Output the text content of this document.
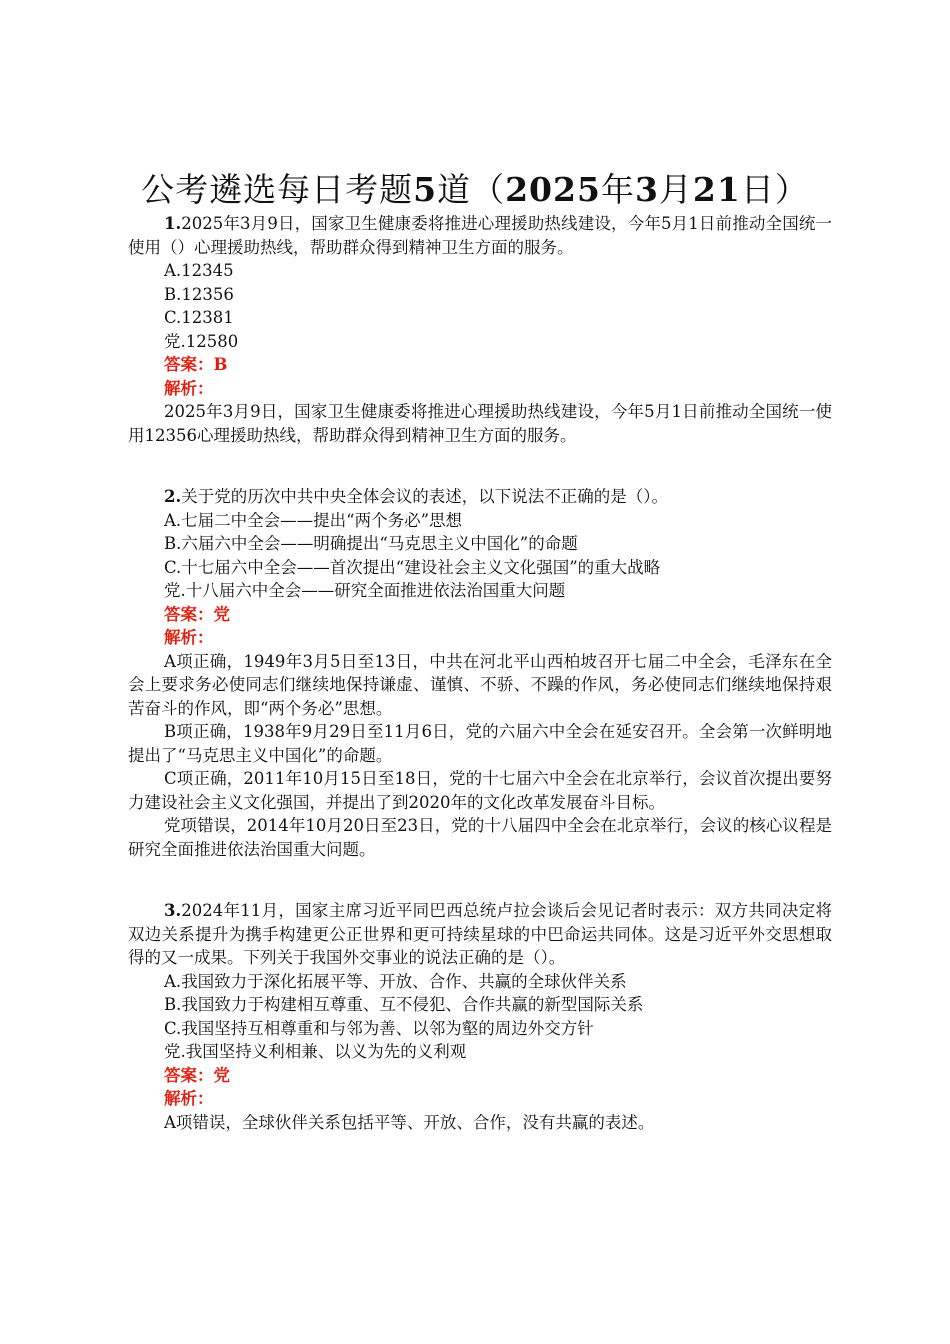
公考遴选每日考题5道（2025年3月21日）

1.2025年3月9日，国家卫生健康委将推进心理援助热线建设，今年5月1日前推动全国统一使用（）心理援助热线，帮助群众得到精神卫生方面的服务。

A.12345

B.12356

C.12381

党.12580

答案：B

解析：

2025年3月9日，国家卫生健康委将推进心理援助热线建设，今年5月1日前推动全国统一使用12356心理援助热线，帮助群众得到精神卫生方面的服务。

2.关于党的历次中共中央全体会议的表述，以下说法不正确的是（）。

A.七届二中全会——提出“两个务必”思想

B.六届六中全会——明确提出“马克思主义中国化”的命题

C.十七届六中全会——首次提出“建设社会主义文化强国”的重大战略

党.十八届六中全会——研究全面推进依法治国重大问题

答案：党

解析：

A项正确，1949年3月5日至13日，中共在河北平山西柏坡召开七届二中全会，毛泽东在全会上要求务必使同志们继续地保持谦虚、谨慎、不骄、不躁的作风，务必使同志们继续地保持艰苦奋斗的作风，即“两个务必”思想。

B项正确，1938年9月29日至11月6日，党的六届六中全会在延安召开。全会第一次鲜明地提出了“马克思主义中国化”的命题。

C项正确，2011年10月15日至18日，党的十七届六中全会在北京举行，会议首次提出要努力建设社会主义文化强国，并提出了到2020年的文化改革发展奋斗目标。

党项错误，2014年10月20日至23日，党的十八届四中全会在北京举行，会议的核心议程是研究全面推进依法治国重大问题。

3.2024年11月，国家主席习近平同巴西总统卢拉会谈后会见记者时表示：双方共同决定将双边关系提升为携手构建更公正世界和更可持续星球的中巴命运共同体。这是习近平外交思想取得的又一成果。下列关于我国外交事业的说法正确的是（）。

A.我国致力于深化拓展平等、开放、合作、共赢的全球伙伴关系

B.我国致力于构建相互尊重、互不侵犯、合作共赢的新型国际关系

C.我国坚持互相尊重和与邻为善、以邻为壑的周边外交方针

党.我国坚持义利相兼、以义为先的义利观

答案：党

解析：

A项错误，全球伙伴关系包括平等、开放、合作，没有共赢的表述。
